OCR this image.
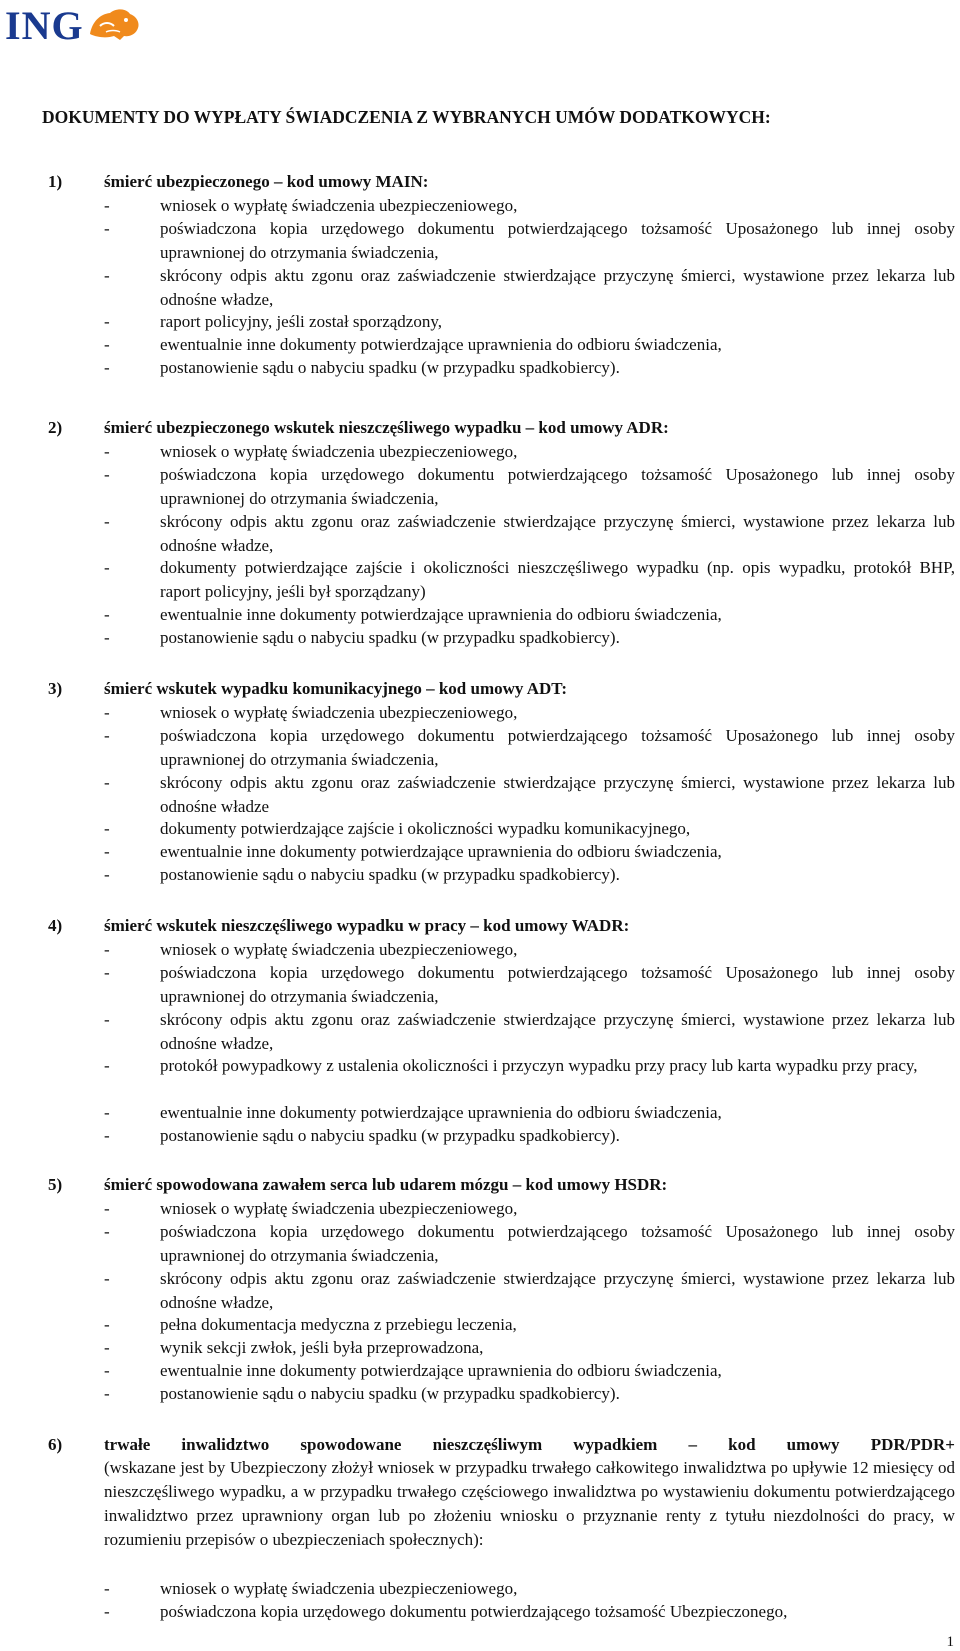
ING
DOKUMENTY DO WYPŁATY ŚWIADCZENIA Z WYBRANYCH UMÓW DODATKOWYCH:
1) śmierć ubezpieczonego – kod umowy MAIN:
-	wniosek o wypłatę świadczenia ubezpieczeniowego,
-	poświadczona kopia urzędowego dokumentu potwierdzającego tożsamość Uposażonego lub innej osoby uprawnionej do otrzymania świadczenia,
-	skrócony odpis aktu zgonu oraz zaświadczenie stwierdzające przyczynę śmierci, wystawione przez lekarza lub odnośne władze,
-	raport policyjny, jeśli został sporządzony,
-	ewentualnie inne dokumenty potwierdzające uprawnienia do odbioru świadczenia,
-	postanowienie sądu o nabyciu spadku (w przypadku spadkobiercy).
2) śmierć ubezpieczonego wskutek nieszczęśliwego wypadku – kod umowy ADR:
-	wniosek o wypłatę świadczenia ubezpieczeniowego,
-	poświadczona kopia urzędowego dokumentu potwierdzającego tożsamość Uposażonego lub innej osoby uprawnionej do otrzymania świadczenia,
-	skrócony odpis aktu zgonu oraz zaświadczenie stwierdzające przyczynę śmierci, wystawione przez lekarza lub odnośne władze,
-	dokumenty potwierdzające zajście i okoliczności nieszczęśliwego wypadku (np. opis wypadku, protokół BHP, raport policyjny, jeśli był sporządzany)
-	ewentualnie inne dokumenty potwierdzające uprawnienia do odbioru świadczenia,
-	postanowienie sądu o nabyciu spadku (w przypadku spadkobiercy).
3) śmierć wskutek wypadku komunikacyjnego – kod umowy ADT:
-	wniosek o wypłatę świadczenia ubezpieczeniowego,
-	poświadczona kopia urzędowego dokumentu potwierdzającego tożsamość Uposażonego lub innej osoby uprawnionej do otrzymania świadczenia,
-	skrócony odpis aktu zgonu oraz zaświadczenie stwierdzające przyczynę śmierci, wystawione przez lekarza lub odnośne władze
-	dokumenty potwierdzające zajście i okoliczności wypadku komunikacyjnego,
-	ewentualnie inne dokumenty potwierdzające uprawnienia do odbioru świadczenia,
-	postanowienie sądu o nabyciu spadku (w przypadku spadkobiercy).
4) śmierć wskutek nieszczęśliwego wypadku w pracy – kod umowy WADR:
-	wniosek o wypłatę świadczenia ubezpieczeniowego,
-	poświadczona kopia urzędowego dokumentu potwierdzającego tożsamość Uposażonego lub innej osoby uprawnionej do otrzymania świadczenia,
-	skrócony odpis aktu zgonu oraz zaświadczenie stwierdzające przyczynę śmierci, wystawione przez lekarza lub odnośne władze,
-	protokół powypadkowy z ustalenia okoliczności i przyczyn wypadku przy pracy lub karta wypadku przy pracy,
-	ewentualnie inne dokumenty potwierdzające uprawnienia do odbioru świadczenia,
-	postanowienie sądu o nabyciu spadku (w przypadku spadkobiercy).
5) śmierć spowodowana zawałem serca lub udarem mózgu – kod umowy HSDR:
-	wniosek o wypłatę świadczenia ubezpieczeniowego,
-	poświadczona kopia urzędowego dokumentu potwierdzającego tożsamość Uposażonego lub innej osoby uprawnionej do otrzymania świadczenia,
-	skrócony odpis aktu zgonu oraz zaświadczenie stwierdzające przyczynę śmierci, wystawione przez lekarza lub odnośne władze,
-	pełna dokumentacja medyczna z przebiegu leczenia,
-	wynik sekcji zwłok, jeśli była przeprowadzona,
-	ewentualnie inne dokumenty potwierdzające uprawnienia do odbioru świadczenia,
-	postanowienie sądu o nabyciu spadku (w przypadku spadkobiercy).
6) trwałe inwalidztwo spowodowane nieszczęśliwym wypadkiem – kod umowy PDR/PDR+
(wskazane jest by Ubezpieczony złożył wniosek w przypadku trwałego całkowitego inwalidztwa po upływie 12 miesięcy od nieszczęśliwego wypadku, a w przypadku trwałego częściowego inwalidztwa po wystawieniu dokumentu potwierdzającego inwalidztwo przez uprawniony organ lub po złożeniu wniosku o przyznanie renty z tytułu niezdolności do pracy, w rozumieniu przepisów o ubezpieczeniach społecznych):
-	wniosek o wypłatę świadczenia ubezpieczeniowego,
-	poświadczona kopia urzędowego dokumentu potwierdzającego tożsamość Ubezpieczonego,
1
